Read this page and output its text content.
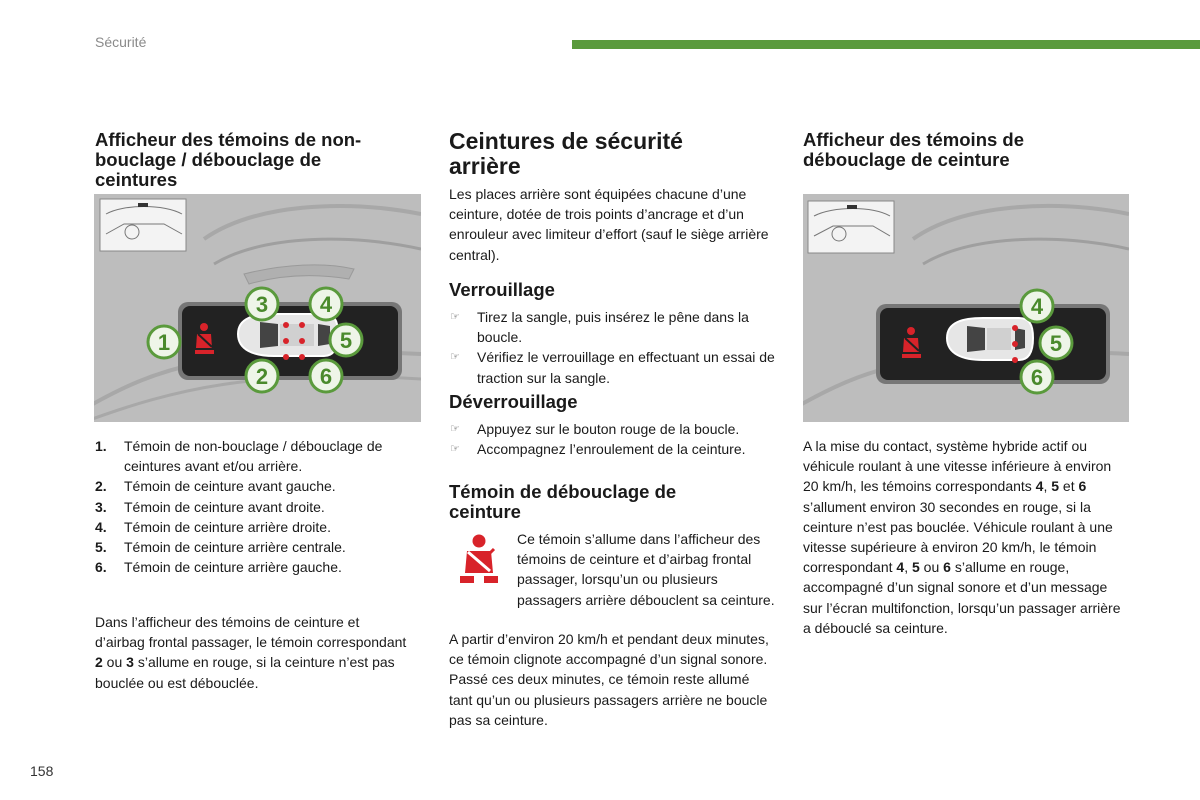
Sécurité
Afficheur des témoins de non-bouclage / débouclage de ceintures
1
2
3 4
5
6
1. Témoin de non-bouclage / débouclage de ceintures avant et/ou arrière.
2. Témoin de ceinture avant gauche.
3. Témoin de ceinture avant droite.
4. Témoin de ceinture arrière droite.
5. Témoin de ceinture arrière centrale.
6. Témoin de ceinture arrière gauche.
Dans l’afficheur des témoins de ceinture et d’airbag frontal passager, le témoin correspondant 2 ou 3 s’allume en rouge, si la ceinture n’est pas bouclée ou est débouclée.
Ceintures de sécurité arrière
Les places arrière sont équipées chacune d’une ceinture, dotée de trois points d’ancrage et d’un enrouleur avec limiteur d’effort (sauf le siège arrière central).
Verrouillage
☞ Tirez la sangle, puis insérez le pêne dans la boucle.
☞ Vérifiez le verrouillage en effectuant un essai de traction sur la sangle.
Déverrouillage
☞ Appuyez sur le bouton rouge de la boucle.
☞ Accompagnez l’enroulement de la ceinture.
Témoin de débouclage de ceinture
Ce témoin s’allume dans l’afficheur des témoins de ceinture et d’airbag frontal passager, lorsqu’un ou plusieurs passagers arrière débouclent sa ceinture.
A partir d’environ 20 km/h et pendant deux minutes, ce témoin clignote accompagné d’un signal sonore. Passé ces deux minutes, ce témoin reste allumé tant qu’un ou plusieurs passagers arrière ne boucle pas sa ceinture.
Afficheur des témoins de débouclage de ceinture
4
5
6
A la mise du contact, système hybride actif ou véhicule roulant à une vitesse inférieure à environ 20 km/h, les témoins correspondants 4, 5 et 6 s’allument environ 30 secondes en rouge, si la ceinture n’est pas bouclée. Véhicule roulant à une vitesse supérieure à environ 20 km/h, le témoin correspondant 4, 5 ou 6 s’allume en rouge, accompagné d’un signal sonore et d’un message sur l’écran multifonction, lorsqu’un passager arrière a débouclé sa ceinture.
158
